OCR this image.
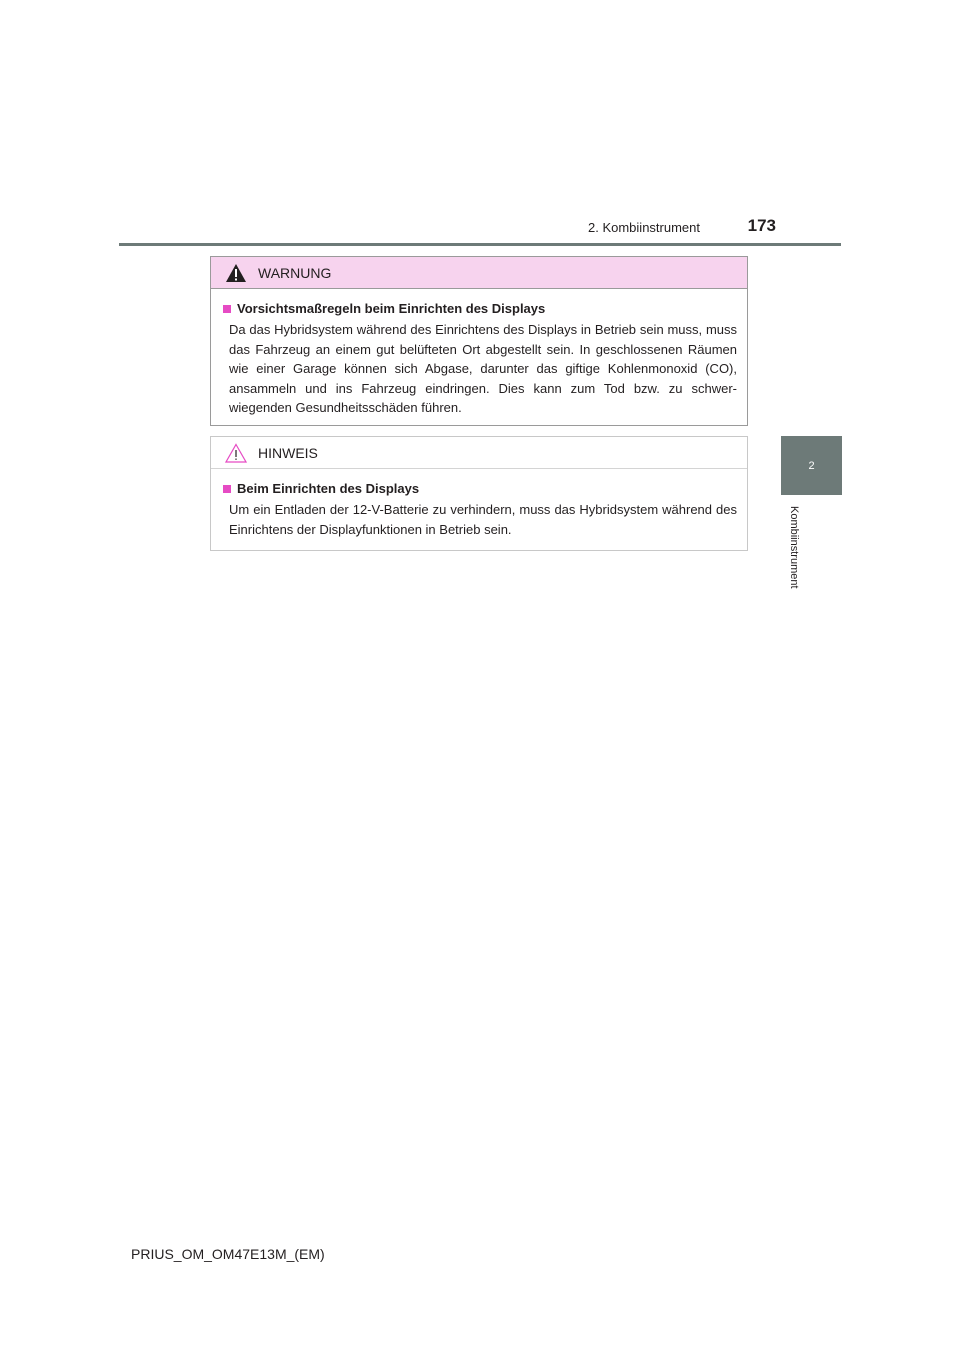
2. Kombiinstrument	173
2
Kombiinstrument
WARNUNG
Vorsichtsmaßregeln beim Einrichten des Displays
Da das Hybridsystem während des Einrichtens des Displays in Betrieb sein muss, muss das Fahrzeug an einem gut belüfteten Ort abgestellt sein. In geschlossenen Räumen wie einer Garage können sich Abgase, darunter das giftige Kohlenmonoxid (CO), ansammeln und ins Fahrzeug eindringen. Dies kann zum Tod bzw. zu schwer-wiegenden Gesundheitsschäden führen.
HINWEIS
Beim Einrichten des Displays
Um ein Entladen der 12-V-Batterie zu verhindern, muss das Hybridsystem während des Einrichtens der Displayfunktionen in Betrieb sein.
PRIUS_OM_OM47E13M_(EM)
